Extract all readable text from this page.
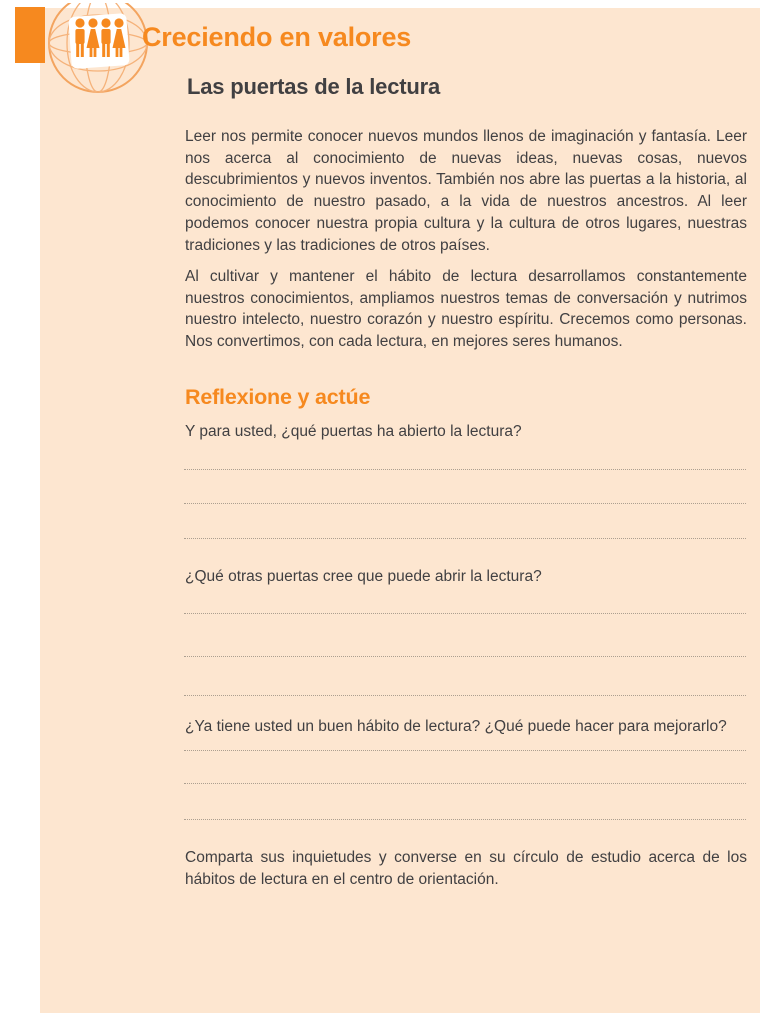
Creciendo en valores
Las puertas de la lectura

Leer nos permite conocer nuevos mundos llenos de imaginación y fantasía. Leer nos acerca al conocimiento de nuevas ideas, nuevas cosas, nuevos descubrimientos y nuevos inventos. También nos abre las puertas a la historia, al conocimiento de nuestro pasado, a la vida de nuestros ancestros. Al leer podemos conocer nuestra propia cultura y la cultura de otros lugares, nuestras tradiciones y las tradiciones de otros países.

Al cultivar y mantener el hábito de lectura desarrollamos constantemente nuestros conocimientos, ampliamos nuestros temas de conversación y nutrimos nuestro intelecto, nuestro corazón y nuestro espíritu. Crecemos como personas. Nos convertimos, con cada lectura, en mejores seres humanos.

Reflexione y actúe

Y para usted, ¿qué puertas ha abierto la lectura?

¿Qué otras puertas cree que puede abrir la lectura?

¿Ya tiene usted un buen hábito de lectura? ¿Qué puede hacer para mejorarlo?

Comparta sus inquietudes y converse en su círculo de estudio acerca de los hábitos de lectura en el centro de orientación.
